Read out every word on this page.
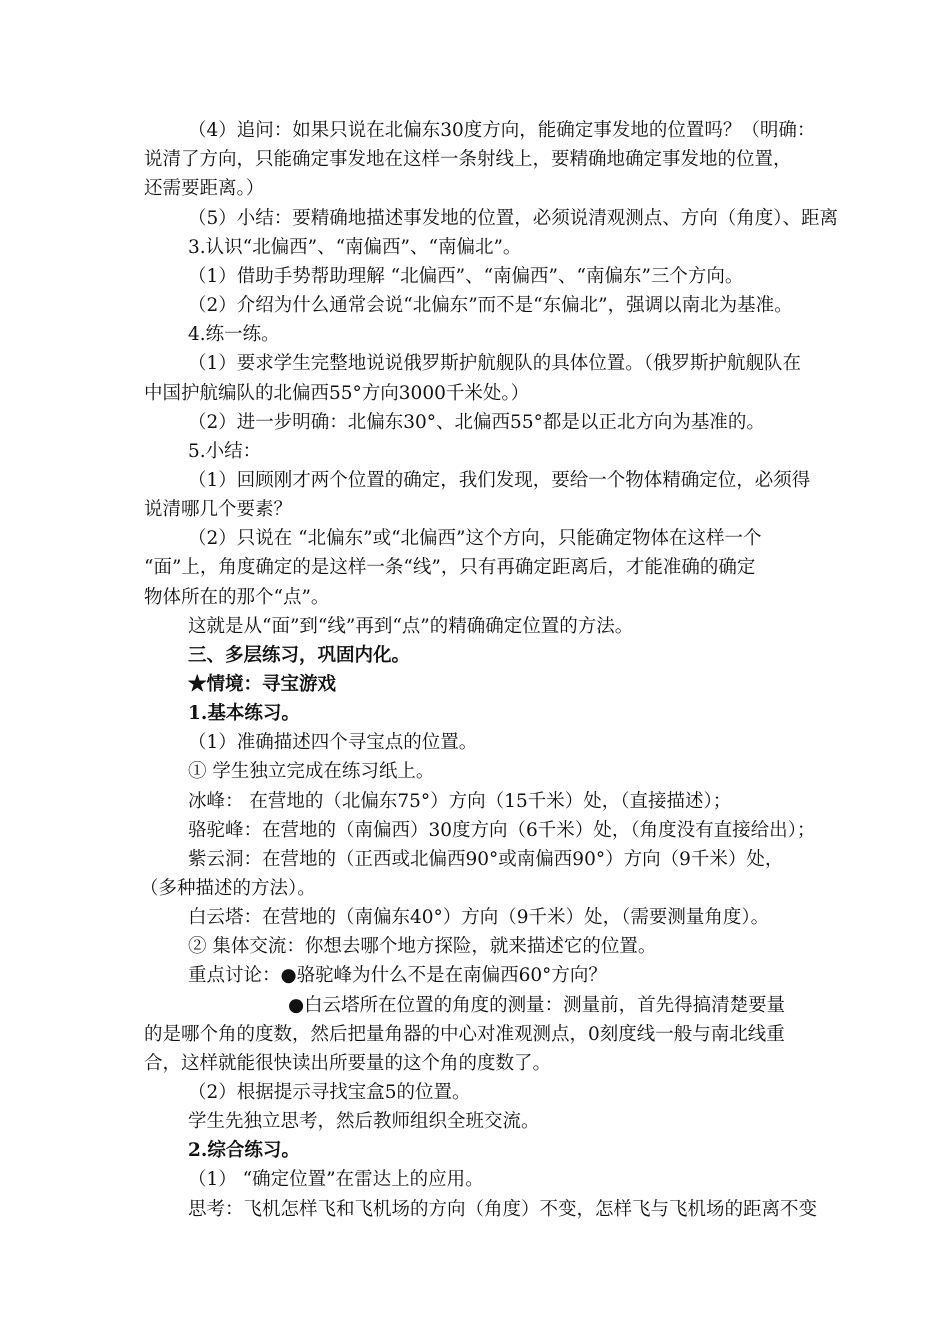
（4）追问：如果只说在北偏东30度方向，能确定事发地的位置吗？（明确：
说清了方向，只能确定事发地在这样一条射线上，要精确地确定事发地的位置，
还需要距离。）
（5）小结：要精确地描述事发地的位置，必须说清观测点、方向（角度）、距离
3.认识“北偏西”、“南偏西”、“南偏北”。
（1）借助手势帮助理解 “北偏西”、“南偏西”、“南偏东”三个方向。
（2）介绍为什么通常会说“北偏东”而不是“东偏北”，强调以南北为基准。
4.练一练。
（1）要求学生完整地说说俄罗斯护航舰队的具体位置。（俄罗斯护航舰队在
中国护航编队的北偏西55°方向3000千米处。）
（2）进一步明确：北偏东30°、北偏西55°都是以正北方向为基准的。
5.小结：
（1）回顾刚才两个位置的确定，我们发现，要给一个物体精确定位，必须得
说清哪几个要素？
（2）只说在 “北偏东”或“北偏西”这个方向，只能确定物体在这样一个
“面”上，角度确定的是这样一条“线”，只有再确定距离后，才能准确的确定
物体所在的那个“点”。
这就是从“面”到“线”再到“点”的精确确定位置的方法。
三、多层练习，巩固内化。
★情境：寻宝游戏
1.基本练习。
（1）准确描述四个寻宝点的位置。
① 学生独立完成在练习纸上。
冰峰： 在营地的（北偏东75°）方向（15千米）处，（直接描述）；
骆驼峰：在营地的（南偏西）30度方向（6千米）处，（角度没有直接给出）；
紫云洞：在营地的（正西或北偏西90°或南偏西90°）方向（9千米）处，
（多种描述的方法）。
白云塔：在营地的（南偏东40°）方向（9千米）处，（需要测量角度）。
② 集体交流：你想去哪个地方探险，就来描述它的位置。
重点讨论：●骆驼峰为什么不是在南偏西60°方向？
●白云塔所在位置的角度的测量：测量前，首先得搞清楚要量
的是哪个角的度数，然后把量角器的中心对准观测点，0刻度线一般与南北线重
合，这样就能很快读出所要量的这个角的度数了。
（2）根据提示寻找宝盒5的位置。
学生先独立思考，然后教师组织全班交流。
2.综合练习。
（1） “确定位置”在雷达上的应用。
思考：飞机怎样飞和飞机场的方向（角度）不变，怎样飞与飞机场的距离不变
